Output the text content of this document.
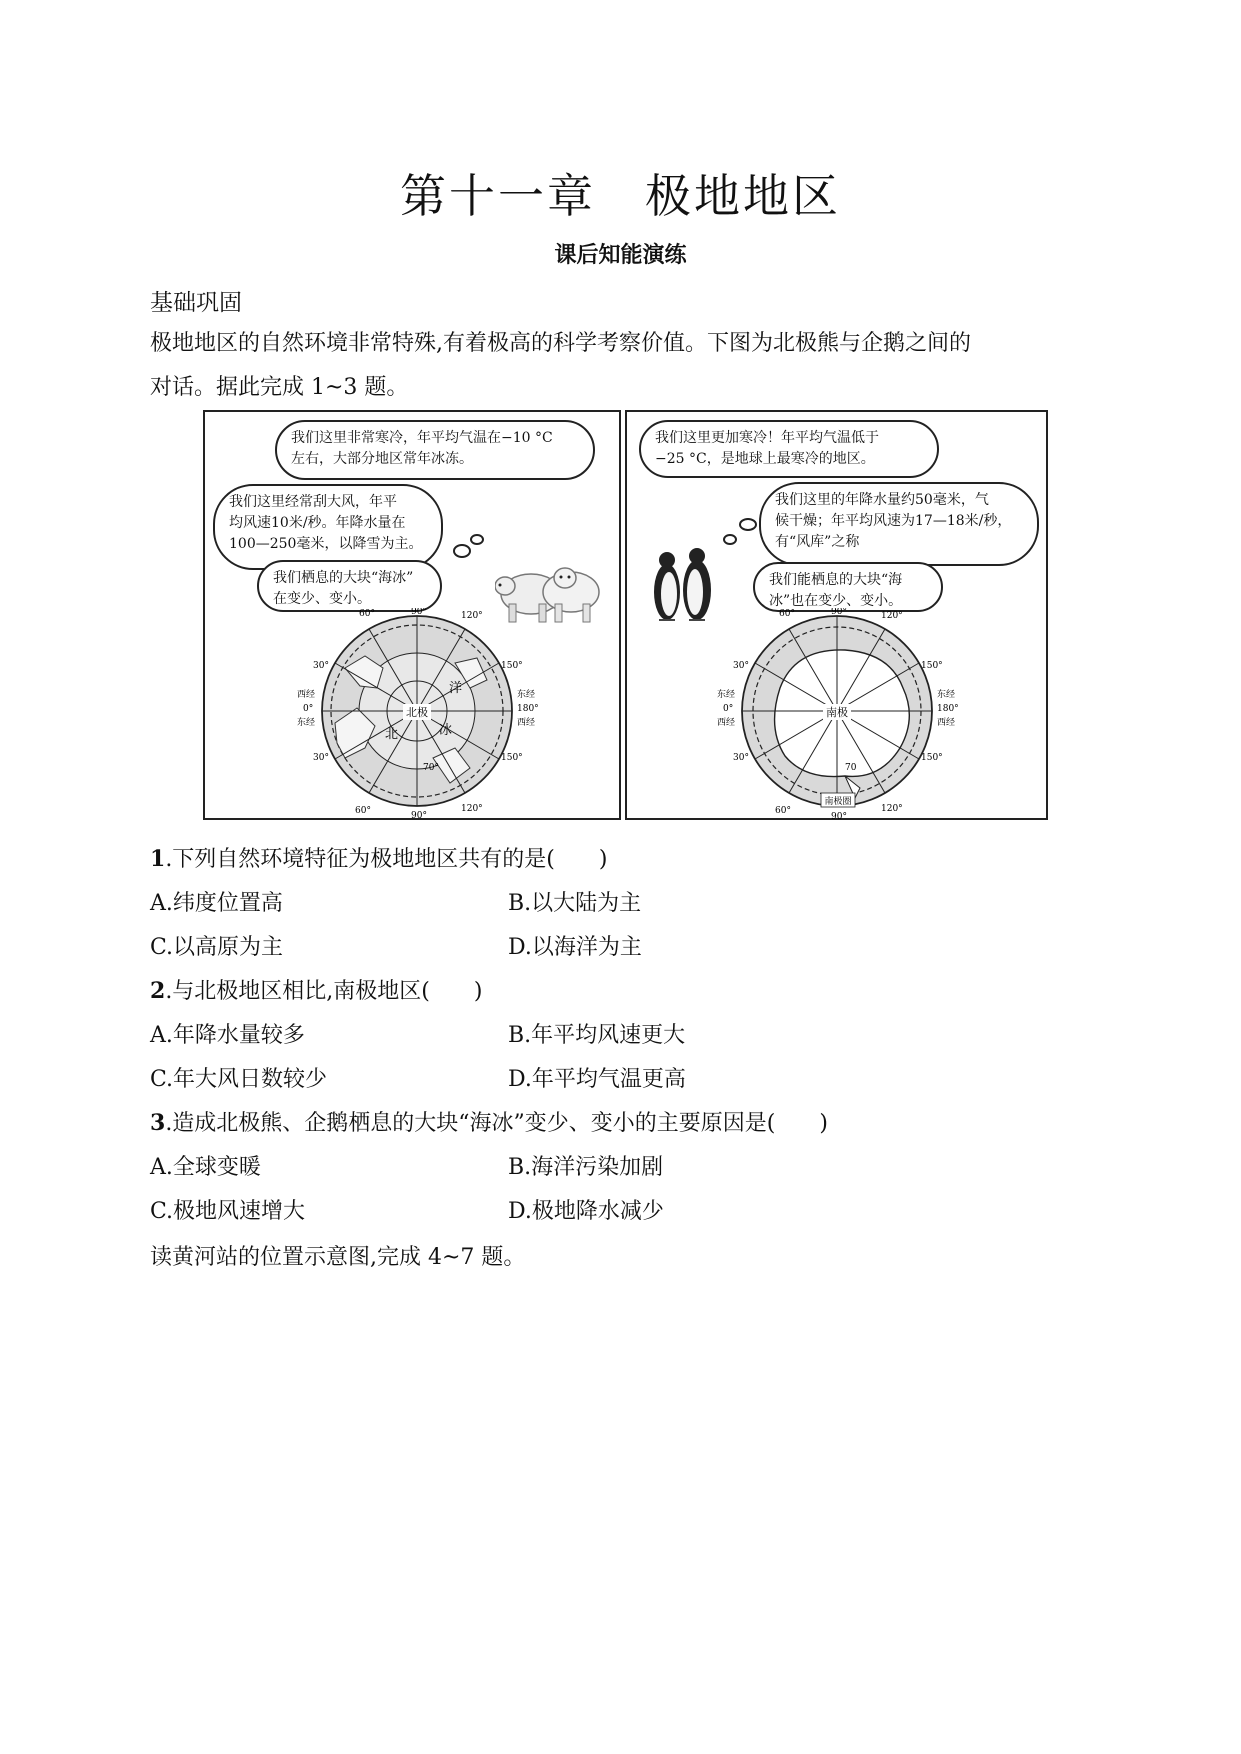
第十一章　极地地区
课后知能演练
基础巩固
极地地区的自然环境非常特殊,有着极高的科学考察价值。下图为北极熊与企鹅之间的
对话。据此完成 1~3 题。
我们这里非常寒冷，年平均气温在−10 °C
左右，大部分地区常年冰冻。
我们这里经常刮大风，年平
均风速10米/秒。年降水量在
100—250毫米，以降雪为主。
我们栖息的大块“海冰”
在变少、变小。
北极
洋
北	冰
70°
60°	90°	120°
60°	90°
120°
30°
西经
0°
东经
30°
150°
东经
180°
西经
150°
我们这里更加寒冷！年平均气温低于
−25 °C，是地球上最寒冷的地区。
我们这里的年降水量约50毫米，气
候干燥；年平均风速为17—18米/秒，
有“风库”之称
我们能栖息的大块“海
冰”也在变少、变小。
南极
70
南极圈
60°	90°	120°
60°
90°
120°
30°
东经
0°
西经
30°
150°
东经
180°
西经
150°
1.下列自然环境特征为极地地区共有的是(　　)
A.纬度位置高	B.以大陆为主
C.以高原为主	D.以海洋为主
2.与北极地区相比,南极地区(　　)
A.年降水量较多	B.年平均风速更大
C.年大风日数较少	D.年平均气温更高
3.造成北极熊、企鹅栖息的大块“海冰”变少、变小的主要原因是(　　)
A.全球变暖	B.海洋污染加剧
C.极地风速增大	D.极地降水减少
读黄河站的位置示意图,完成 4~7 题。
